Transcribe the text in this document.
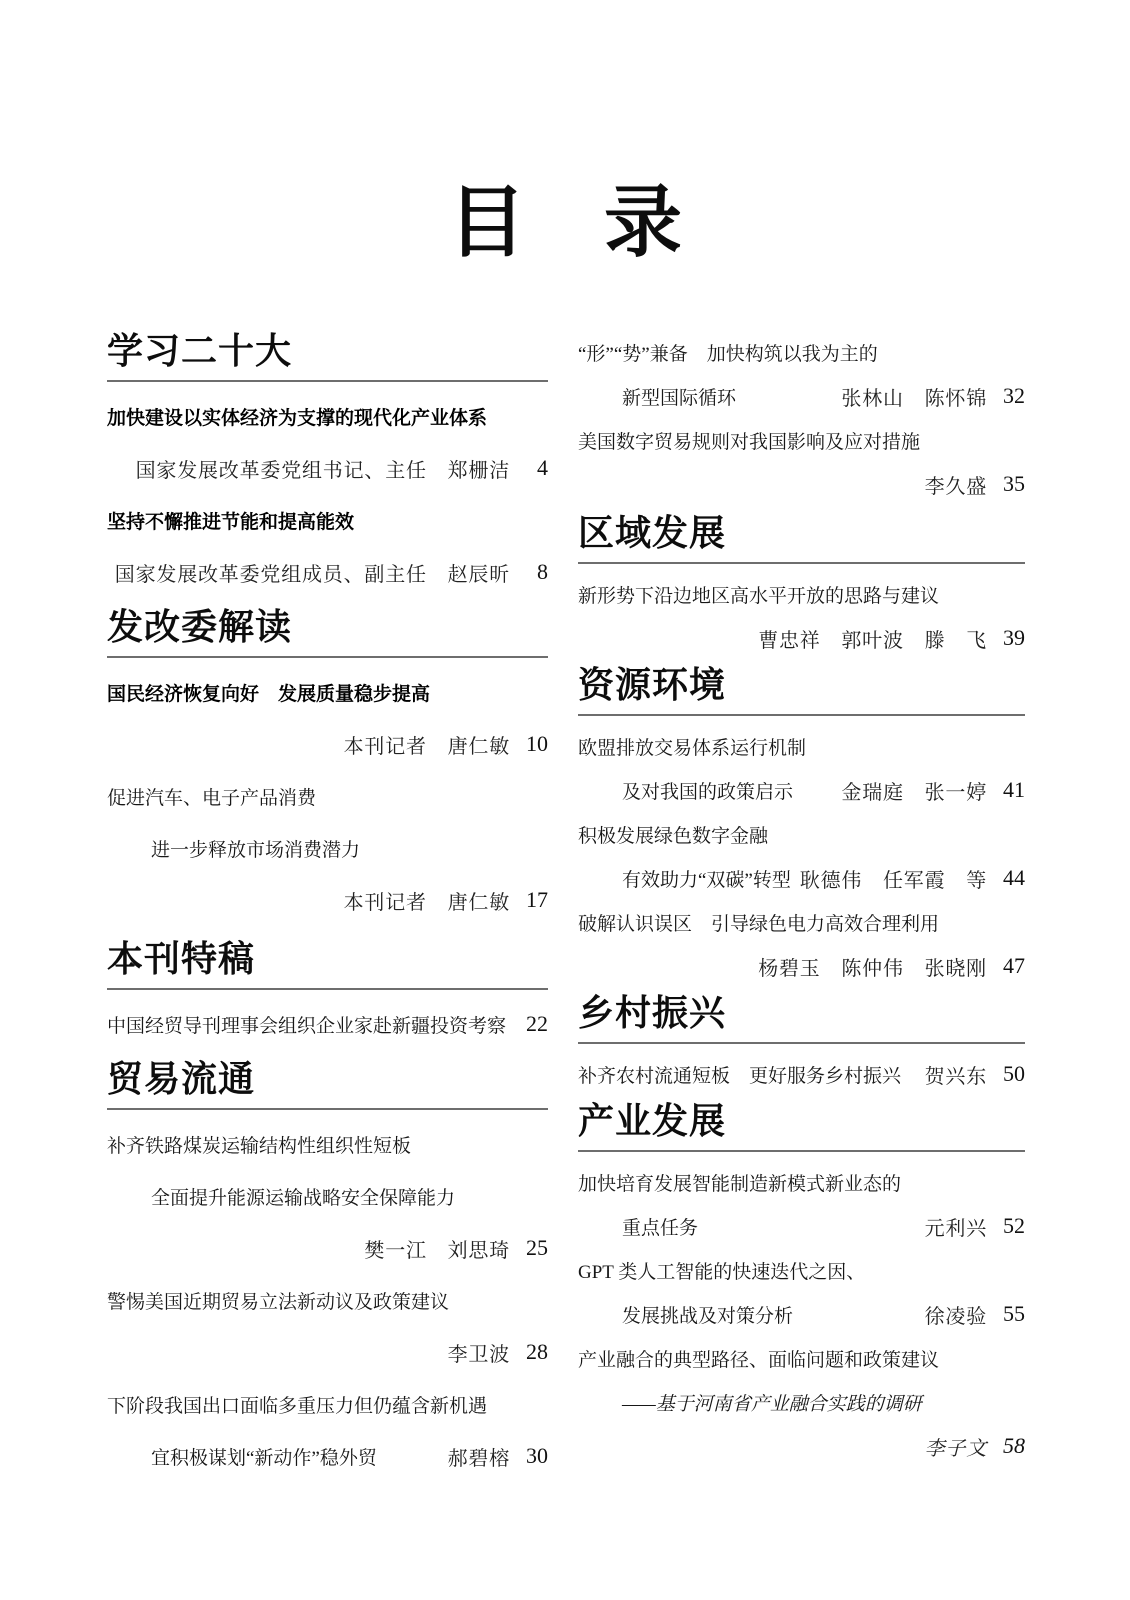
目　录
学习二十大
加快建设以实体经济为支撑的现代化产业体系
国家发展改革委党组书记、主任　郑栅洁	4
坚持不懈推进节能和提高能效
国家发展改革委党组成员、副主任　赵辰昕	8
发改委解读
国民经济恢复向好　发展质量稳步提高
本刊记者　唐仁敏 10
促进汽车、电子产品消费
进一步释放市场消费潜力
本刊记者　唐仁敏 17
本刊特稿
中国经贸导刊理事会组织企业家赴新疆投资考察 22
贸易流通
补齐铁路煤炭运输结构性组织性短板
全面提升能源运输战略安全保障能力
樊一江　刘思琦 25
警惕美国近期贸易立法新动议及政策建议
李卫波 28
下阶段我国出口面临多重压力但仍蕴含新机遇
宜积极谋划“新动作”稳外贸	郝碧榕 30
“形”“势”兼备　加快构筑以我为主的
新型国际循环	张林山　陈怀锦 32
美国数字贸易规则对我国影响及应对措施
李久盛 35
区域发展
新形势下沿边地区高水平开放的思路与建议
曹忠祥　郭叶波　滕　飞 39
资源环境
欧盟排放交易体系运行机制
及对我国的政策启示 金瑞庭　张一婷 41
积极发展绿色数字金融
有效助力“双碳”转型 耿德伟　任军霞　等 44
破解认识误区　引导绿色电力高效合理利用
杨碧玉　陈仲伟　张晓刚 47
乡村振兴
补齐农村流通短板　更好服务乡村振兴 贺兴东 50
产业发展
加快培育发展智能制造新模式新业态的
重点任务	元利兴 52
GPT 类人工智能的快速迭代之因、
发展挑战及对策分析	徐凌验 55
产业融合的典型路径、面临问题和政策建议
——基于河南省产业融合实践的调研
李子文 58
